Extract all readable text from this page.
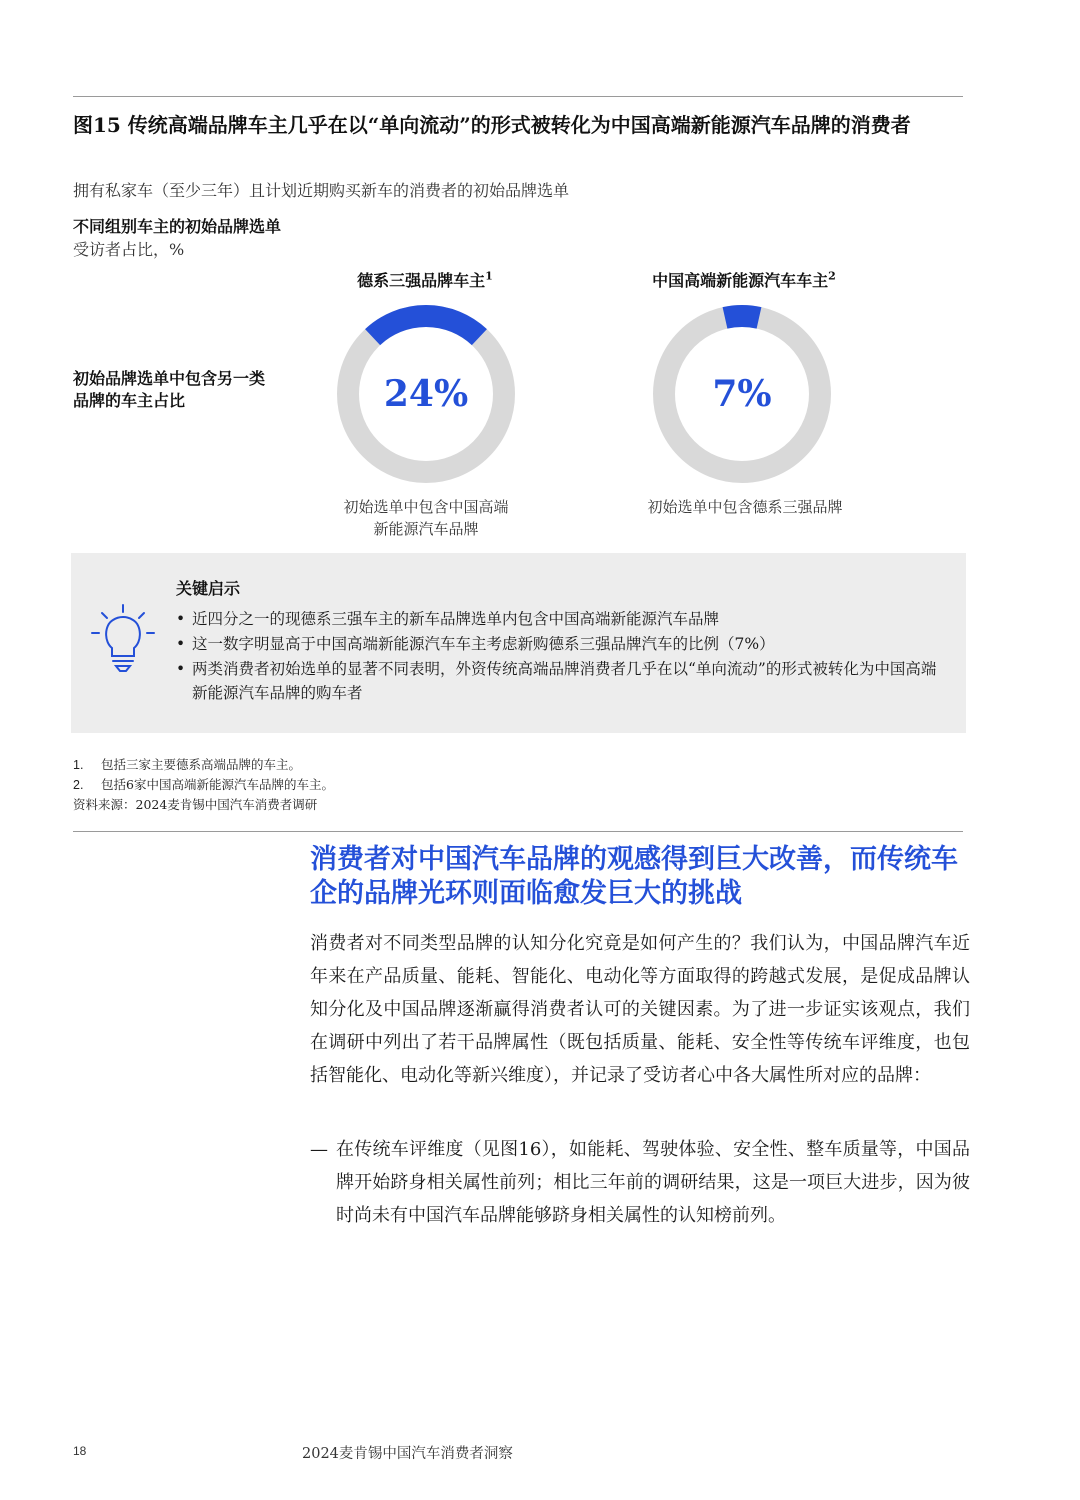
图15 传统高端品牌车主几乎在以“单向流动”的形式被转化为中国高端新能源汽车品牌的消费者
拥有私家车（至少三年）且计划近期购买新车的消费者的初始品牌选单
不同组别车主的初始品牌选单
受访者占比，%
初始品牌选单中包含另一类品牌的车主占比
德系三强品牌车主$^1$
24%
初始选单中包含中国高端
新能源汽车品牌
中国高端新能源汽车车主$^2$
7%
初始选单中包含德系三强品牌
关键启示
• 近四分之一的现德系三强车主的新车品牌选单内包含中国高端新能源汽车品牌
• 这一数字明显高于中国高端新能源汽车车主考虑新购德系三强品牌汽车的比例（7%）
• 两类消费者初始选单的显著不同表明，外资传统高端品牌消费者几乎在以“单向流动”的形式被转化为中国高端新能源汽车品牌的购车者
1. 包括三家主要德系高端品牌的车主。
2. 包括6家中国高端新能源汽车品牌的车主。
资料来源：2024麦肯锡中国汽车消费者调研
消费者对中国汽车品牌的观感得到巨大改善，而传统车企的品牌光环则面临愈发巨大的挑战
消费者对不同类型品牌的认知分化究竟是如何产生的？我们认为，中国品牌汽车近年来在产品质量、能耗、智能化、电动化等方面取得的跨越式发展，是促成品牌认知分化及中国品牌逐渐赢得消费者认可的关键因素。为了进一步证实该观点，我们在调研中列出了若干品牌属性（既包括质量、能耗、安全性等传统车评维度，也包括智能化、电动化等新兴维度），并记录了受访者心中各大属性所对应的品牌：
— 在传统车评维度（见图16），如能耗、驾驶体验、安全性、整车质量等，中国品牌开始跻身相关属性前列；相比三年前的调研结果，这是一项巨大进步，因为彼时尚未有中国汽车品牌能够跻身相关属性的认知榜前列。
18	2024麦肯锡中国汽车消费者洞察
